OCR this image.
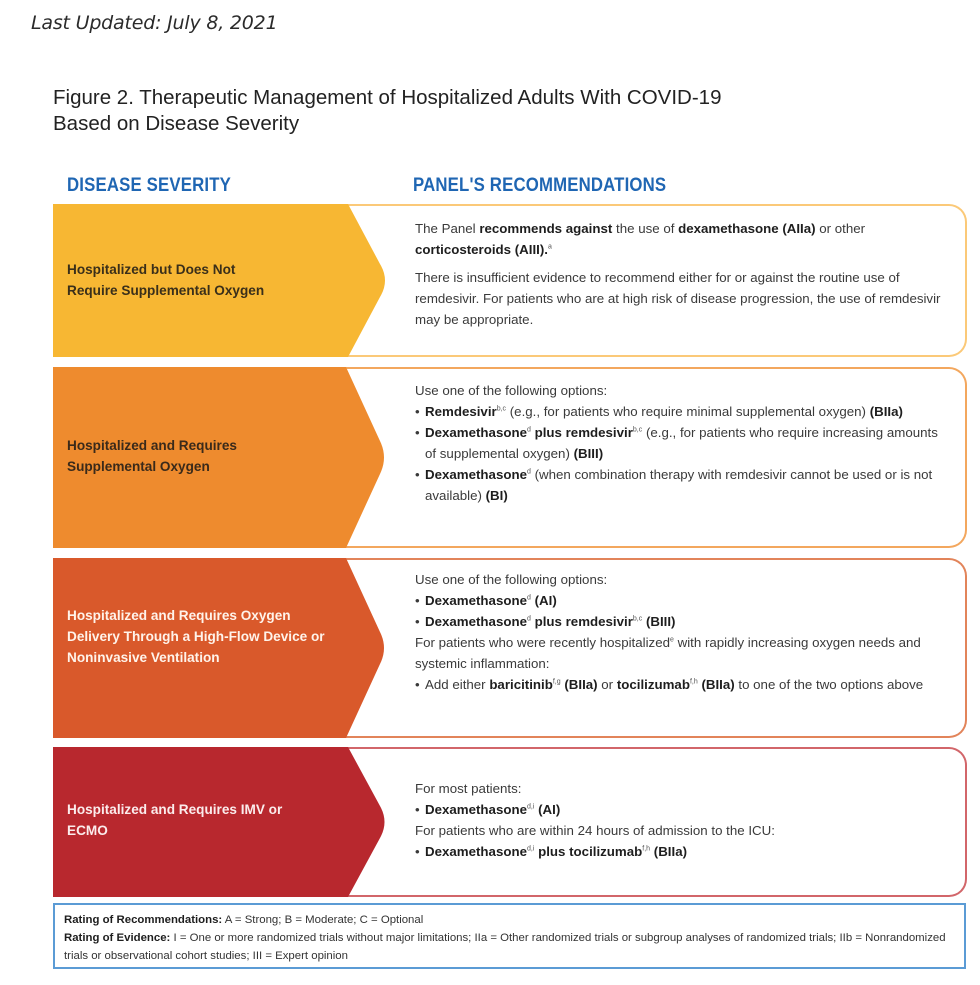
Last Updated: July 8, 2021
Figure 2. Therapeutic Management of Hospitalized Adults With COVID-19
Based on Disease Severity
DISEASE SEVERITY	PANEL'S RECOMMENDATIONS
Hospitalized but Does Not Require Supplemental Oxygen

The Panel recommends against the use of dexamethasone (AIIa) or other corticosteroids (AIII).$^a$

There is insufficient evidence to recommend either for or against the routine use of remdesivir. For patients who are at high risk of disease progression, the use of remdesivir may be appropriate.

Hospitalized and Requires Supplemental Oxygen

Use one of the following options:

• Remdesivir$^{b,c}$ (e.g., for patients who require minimal supplemental oxygen) (BIIa)
• Dexamethasone$^d$ plus remdesivir$^{b,c}$ (e.g., for patients who require increasing amounts of supplemental oxygen) (BIII)
• Dexamethasone$^d$ (when combination therapy with remdesivir cannot be used or is not available) (BI)
Hospitalized and Requires Oxygen Delivery Through a High-Flow Device or Noninvasive Ventilation

Use one of the following options:

• Dexamethasone$^d$ (AI)
• Dexamethasone$^d$ plus remdesivir$^{b,c}$ (BIII)

For patients who were recently hospitalized$^e$ with rapidly increasing oxygen needs and systemic inflammation:

• Add either baricitinib$^{f,g}$ (BIIa) or tocilizumab$^{f,h}$ (BIIa) to one of the two options above
Hospitalized and Requires IMV or ECMO

For most patients:

• Dexamethasone$^{d,i}$ (AI)

For patients who are within 24 hours of admission to the ICU:

• Dexamethasone$^{d,i}$ plus tocilizumab$^{f,h}$ (BIIa)

Rating of Recommendations: A = Strong; B = Moderate; C = Optional

Rating of Evidence: I = One or more randomized trials without major limitations; IIa = Other randomized trials or subgroup analyses of randomized trials; IIb = Nonrandomized trials or observational cohort studies; III = Expert opinion
